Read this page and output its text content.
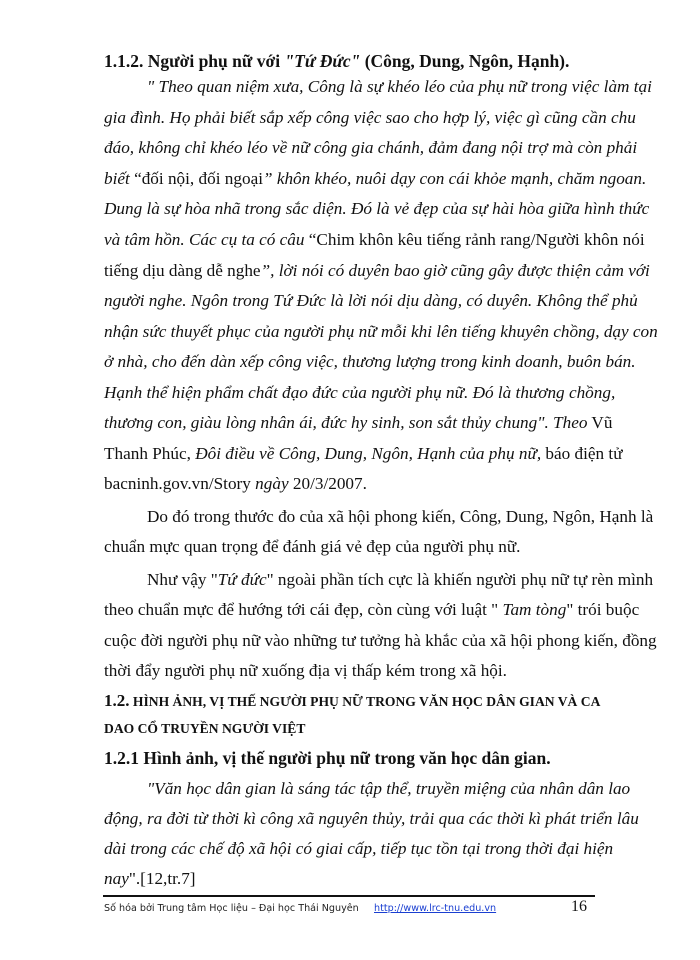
1.1.2. Người phụ nữ với "Tứ Đức" (Công, Dung, Ngôn, Hạnh).
" Theo quan niệm xưa, Công là sự khéo léo của phụ nữ trong việc làm tại
gia đình. Họ phải biết sắp xếp công việc sao cho hợp lý, việc gì cũng cần chu
đáo, không chỉ khéo léo về nữ công gia chánh, đảm đang nội trợ mà còn phải
biết “đối nội, đối ngoại” khôn khéo, nuôi dạy con cái khỏe mạnh, chăm ngoan.
Dung là sự hòa nhã trong sắc diện. Đó là vẻ đẹp của sự hài hòa giữa hình thức
và tâm hồn. Các cụ ta có câu “Chim khôn kêu tiếng rảnh rang/Người khôn nói
tiếng dịu dàng dễ nghe”, lời nói có duyên bao giờ cũng gây được thiện cảm với
người nghe. Ngôn trong Tứ Đức là lời nói dịu dàng, có duyên. Không thể phủ
nhận sức thuyết phục của người phụ nữ mỗi khi lên tiếng khuyên chồng, dạy con
ở nhà, cho đến dàn xếp công việc, thương lượng trong kinh doanh, buôn bán.
Hạnh thể hiện phẩm chất đạo đức của người phụ nữ. Đó là thương chồng,
thương con, giàu lòng nhân ái, đức hy sinh, son sắt thủy chung". Theo Vũ
Thanh Phúc, Đôi điều về Công, Dung, Ngôn, Hạnh của phụ nữ, báo điện tử
bacninh.gov.vn/Story ngày 20/3/2007.
Do đó trong thước đo của xã hội phong kiến, Công, Dung, Ngôn, Hạnh là
chuẩn mực quan trọng để đánh giá vẻ đẹp của người phụ nữ.
Như vậy "Tứ đức" ngoài phần tích cực là khiến người phụ nữ tự rèn mình
theo chuẩn mực để hướng tới cái đẹp, còn cùng với luật " Tam tòng" trói buộc
cuộc đời người phụ nữ vào những tư tưởng hà khắc của xã hội phong kiến, đồng
thời đẩy người phụ nữ xuống địa vị thấp kém trong xã hội.
1.2. HÌNH ẢNH, VỊ THẾ NGƯỜI PHỤ NỮ TRONG VĂN HỌC DÂN GIAN VÀ CA
DAO CỔ TRUYỀN NGƯỜI VIỆT
1.2.1 Hình ảnh, vị thế người phụ nữ trong văn học dân gian.
"Văn học dân gian là sáng tác tập thể, truyền miệng của nhân dân lao
động, ra đời từ thời kì công xã nguyên thủy, trải qua các thời kì phát triển lâu
dài trong các chế độ xã hội có giai cấp, tiếp tục tồn tại trong thời đại hiện
nay".[12,tr.7]
Số hóa bởi Trung tâm Học liệu – Đại học Thái Nguyên http://www.lrc-tnu.edu.vn	16
